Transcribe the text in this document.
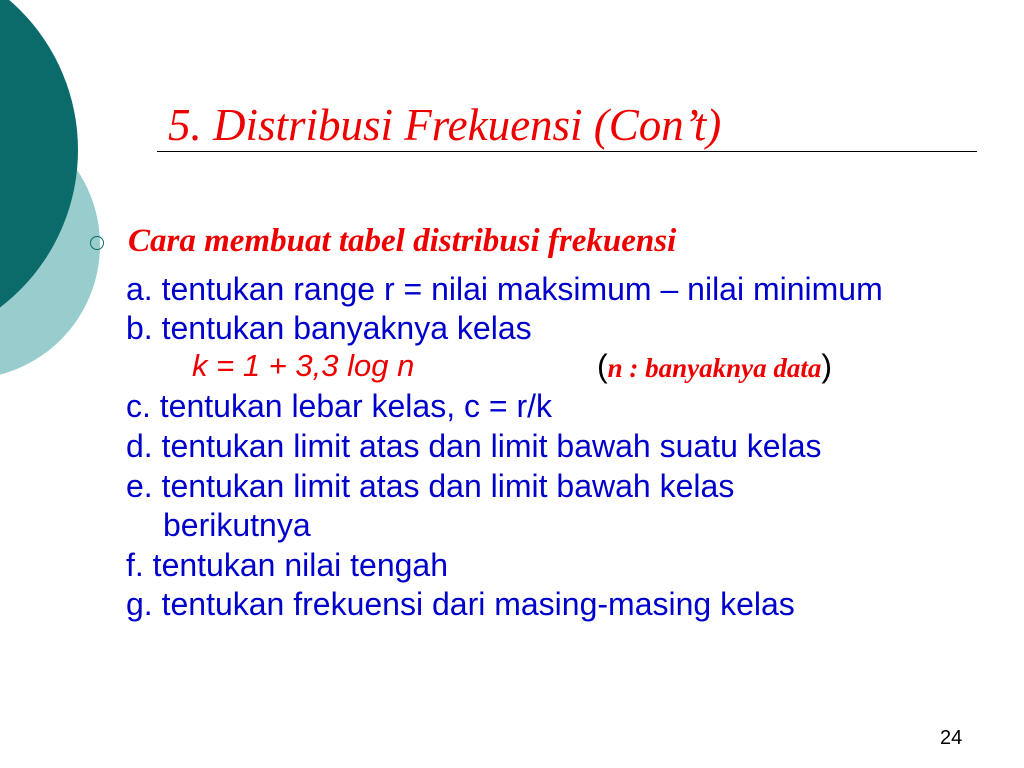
5. Distribusi Frekuensi (Con’t)
Cara membuat tabel distribusi frekuensi
a. tentukan range r = nilai maksimum – nilai minimum
b. tentukan banyaknya kelas
k = 1 + 3,3 log n	(n : banyaknya data)
c. tentukan lebar kelas, c = r/k
d. tentukan limit atas dan limit bawah suatu kelas
e. tentukan limit atas dan limit bawah kelas
berikutnya
f. tentukan nilai tengah
g. tentukan frekuensi dari masing-masing kelas
24
